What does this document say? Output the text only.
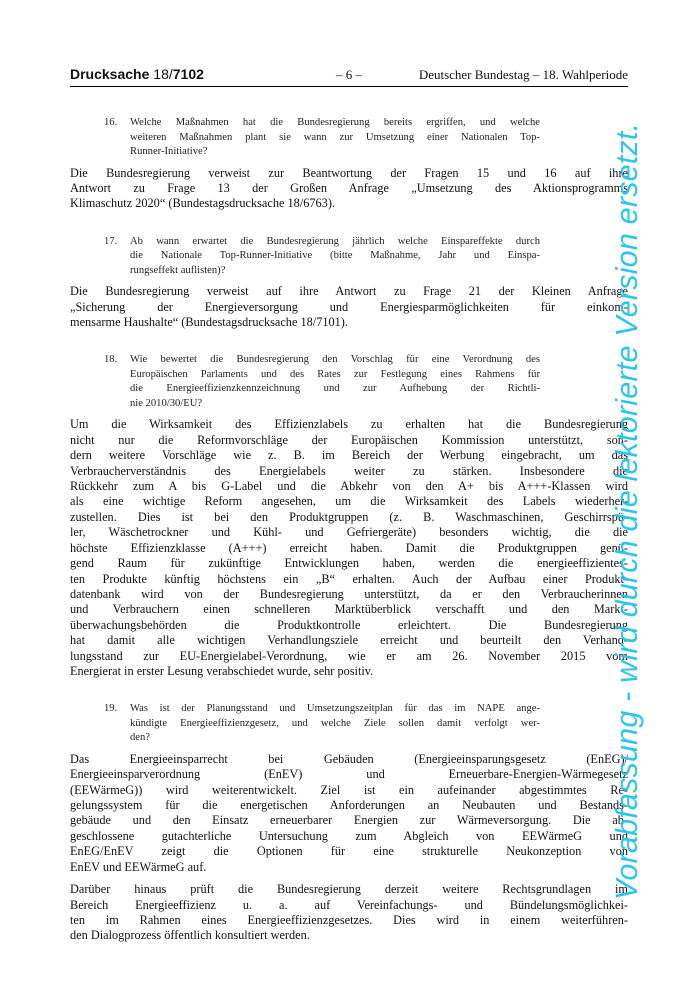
Drucksache 18/7102	– 6 –	Deutscher Bundestag – 18. Wahlperiode
16.	Welche Maßnahmen hat die Bundesregierung bereits ergriffen, und welche
weiteren Maßnahmen plant sie wann zur Umsetzung einer Nationalen Top-
Runner-Initiative?
Die Bundesregierung verweist zur Beantwortung der Fragen 15 und 16 auf ihre
Antwort zu Frage 13 der Großen Anfrage „Umsetzung des Aktionsprogramms
Klimaschutz 2020“ (Bundestagsdrucksache 18/6763).
17.	Ab wann erwartet die Bundesregierung jährlich welche Einspareffekte durch
die Nationale Top-Runner-Initiative (bitte Maßnahme, Jahr und Einspa-
rungseffekt auflisten)?
Die Bundesregierung verweist auf ihre Antwort zu Frage 21 der Kleinen Anfrage
„Sicherung der Energieversorgung und Energiesparmöglichkeiten für einkom-
mensarme Haushalte“ (Bundestagsdrucksache 18/7101).
18.	Wie bewertet die Bundesregierung den Vorschlag für eine Verordnung des
Europäischen Parlaments und des Rates zur Festlegung eines Rahmens für
die Energieeffizienzkennzeichnung und zur Aufhebung der Richtli-
nie 2010/30/EU?
Um die Wirksamkeit des Effizienzlabels zu erhalten hat die Bundesregierung
nicht nur die Reformvorschläge der Europäischen Kommission unterstützt, son-
dern weitere Vorschläge wie z. B. im Bereich der Werbung eingebracht, um das
Verbraucherverständnis des Energielabels weiter zu stärken. Insbesondere die
Rückkehr zum A bis G-Label und die Abkehr von den A+ bis A+++-Klassen wird
als eine wichtige Reform angesehen, um die Wirksamkeit des Labels wiederher-
zustellen. Dies ist bei den Produktgruppen (z. B. Waschmaschinen, Geschirrspü-
ler, Wäschetrockner und Kühl- und Gefriergeräte) besonders wichtig, die die
höchste Effizienzklasse (A+++) erreicht haben. Damit die Produktgruppen genü-
gend Raum für zukünftige Entwicklungen haben, werden die energieeffizientes-
ten Produkte künftig höchstens ein „B“ erhalten. Auch der Aufbau einer Produkt-
datenbank wird von der Bundesregierung unterstützt, da er den Verbraucherinnen
und Verbrauchern einen schnelleren Marktüberblick verschafft und den Markt-
überwachungsbehörden die Produktkontrolle erleichtert. Die Bundesregierung
hat damit alle wichtigen Verhandlungsziele erreicht und beurteilt den Verhand-
lungsstand zur EU-Energielabel-Verordnung, wie er am 26. November 2015 vom
Energierat in erster Lesung verabschiedet wurde, sehr positiv.
19.	Was ist der Planungsstand und Umsetzungszeitplan für das im NAPE ange-
kündigte Energieeffizienzgesetz, und welche Ziele sollen damit verfolgt wer-
den?
Das Energieeinsparrecht bei Gebäuden (Energieeinsparungsgesetz (EnEG)/
Energieeinsparverordnung (EnEV) und Erneuerbare-Energien-Wärmegesetz
(EEWärmeG)) wird weiterentwickelt. Ziel ist ein aufeinander abgestimmtes Re-
gelungssystem für die energetischen Anforderungen an Neubauten und Bestands-
gebäude und den Einsatz erneuerbarer Energien zur Wärmeversorgung. Die ab-
geschlossene gutachterliche Untersuchung zum Abgleich von EEWärmeG und
EnEG/EnEV zeigt die Optionen für eine strukturelle Neukonzeption von
EnEV und EEWärmeG auf.
Darüber hinaus prüft die Bundesregierung derzeit weitere Rechtsgrundlagen im
Bereich Energieeffizienz u. a. auf Vereinfachungs- und Bündelungsmöglichkei-
ten im Rahmen eines Energieeffizienzgesetzes. Dies wird in einem weiterführen-
den Dialogprozess öffentlich konsultiert werden.
Vorabfassung - wird durch die lektorierte Version ersetzt.
